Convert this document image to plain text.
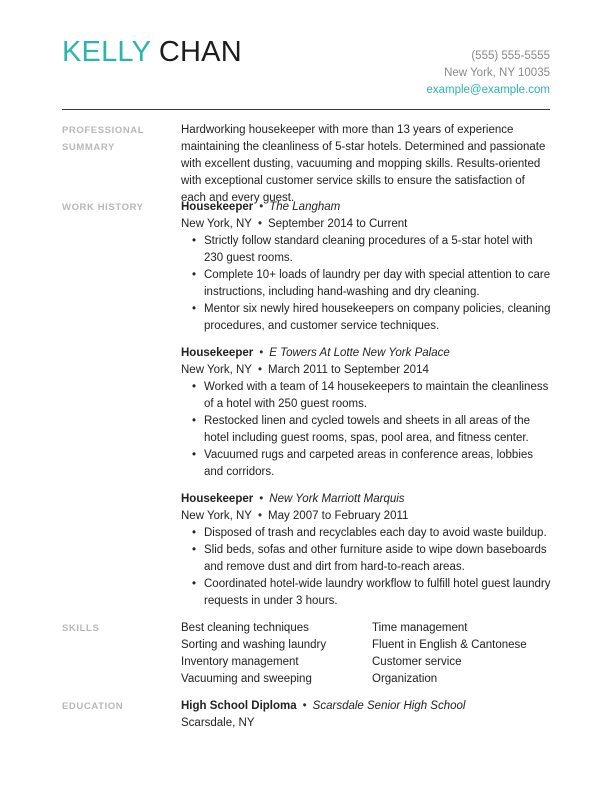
KELLY CHAN	(555) 555-5555
New York, NY 10035
example@example.com
PROFESSIONAL
SUMMARY

Hardworking housekeeper with more than 13 years of experience maintaining the cleanliness of 5-star hotels. Determined and passionate with excellent dusting, vacuuming and mopping skills. Results-oriented with exceptional customer service skills to ensure the satisfaction of each and every guest.

WORK HISTORY	Housekeeper • The Langham
New York, NY • September 2014 to Current
• Strictly follow standard cleaning procedures of a 5-star hotel with 230 guest rooms.
• Complete 10+ loads of laundry per day with special attention to care instructions, including hand-washing and dry cleaning.
• Mentor six newly hired housekeepers on company policies, cleaning procedures, and customer service techniques.
Housekeeper • E Towers At Lotte New York Palace
New York, NY • March 2011 to September 2014
• Worked with a team of 14 housekeepers to maintain the cleanliness of a hotel with 250 guest rooms.
• Restocked linen and cycled towels and sheets in all areas of the hotel including guest rooms, spas, pool area, and fitness center.
• Vacuumed rugs and carpeted areas in conference areas, lobbies and corridors.
Housekeeper • New York Marriott Marquis
New York, NY • May 2007 to February 2011
• Disposed of trash and recyclables each day to avoid waste buildup.
• Slid beds, sofas and other furniture aside to wipe down baseboards and remove dust and dirt from hard-to-reach areas.
• Coordinated hotel-wide laundry workflow to fulfill hotel guest laundry requests in under 3 hours.
SKILLS	Best cleaning techniques	Time management
Sorting and washing laundry	Fluent in English & Cantonese
Inventory management	Customer service
Vacuuming and sweeping	Organization
EDUCATION	High School Diploma • Scarsdale Senior High School
Scarsdale, NY
